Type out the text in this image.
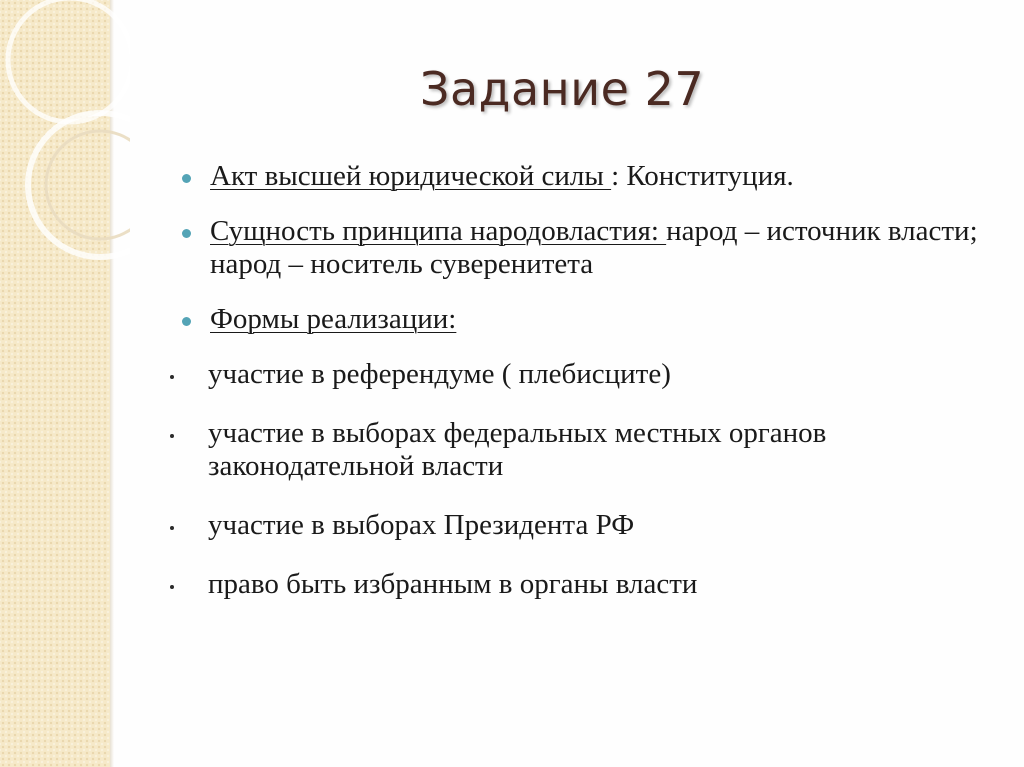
Задание 27
Акт высшей юридической силы : Конституция.
Сущность принципа народовластия: народ – источник власти; народ – носитель суверенитета
Формы реализации:
участие в референдуме ( плебисците)
участие в выборах федеральных местных органов законодательной власти
участие в выборах Президента РФ
право быть избранным в органы власти
